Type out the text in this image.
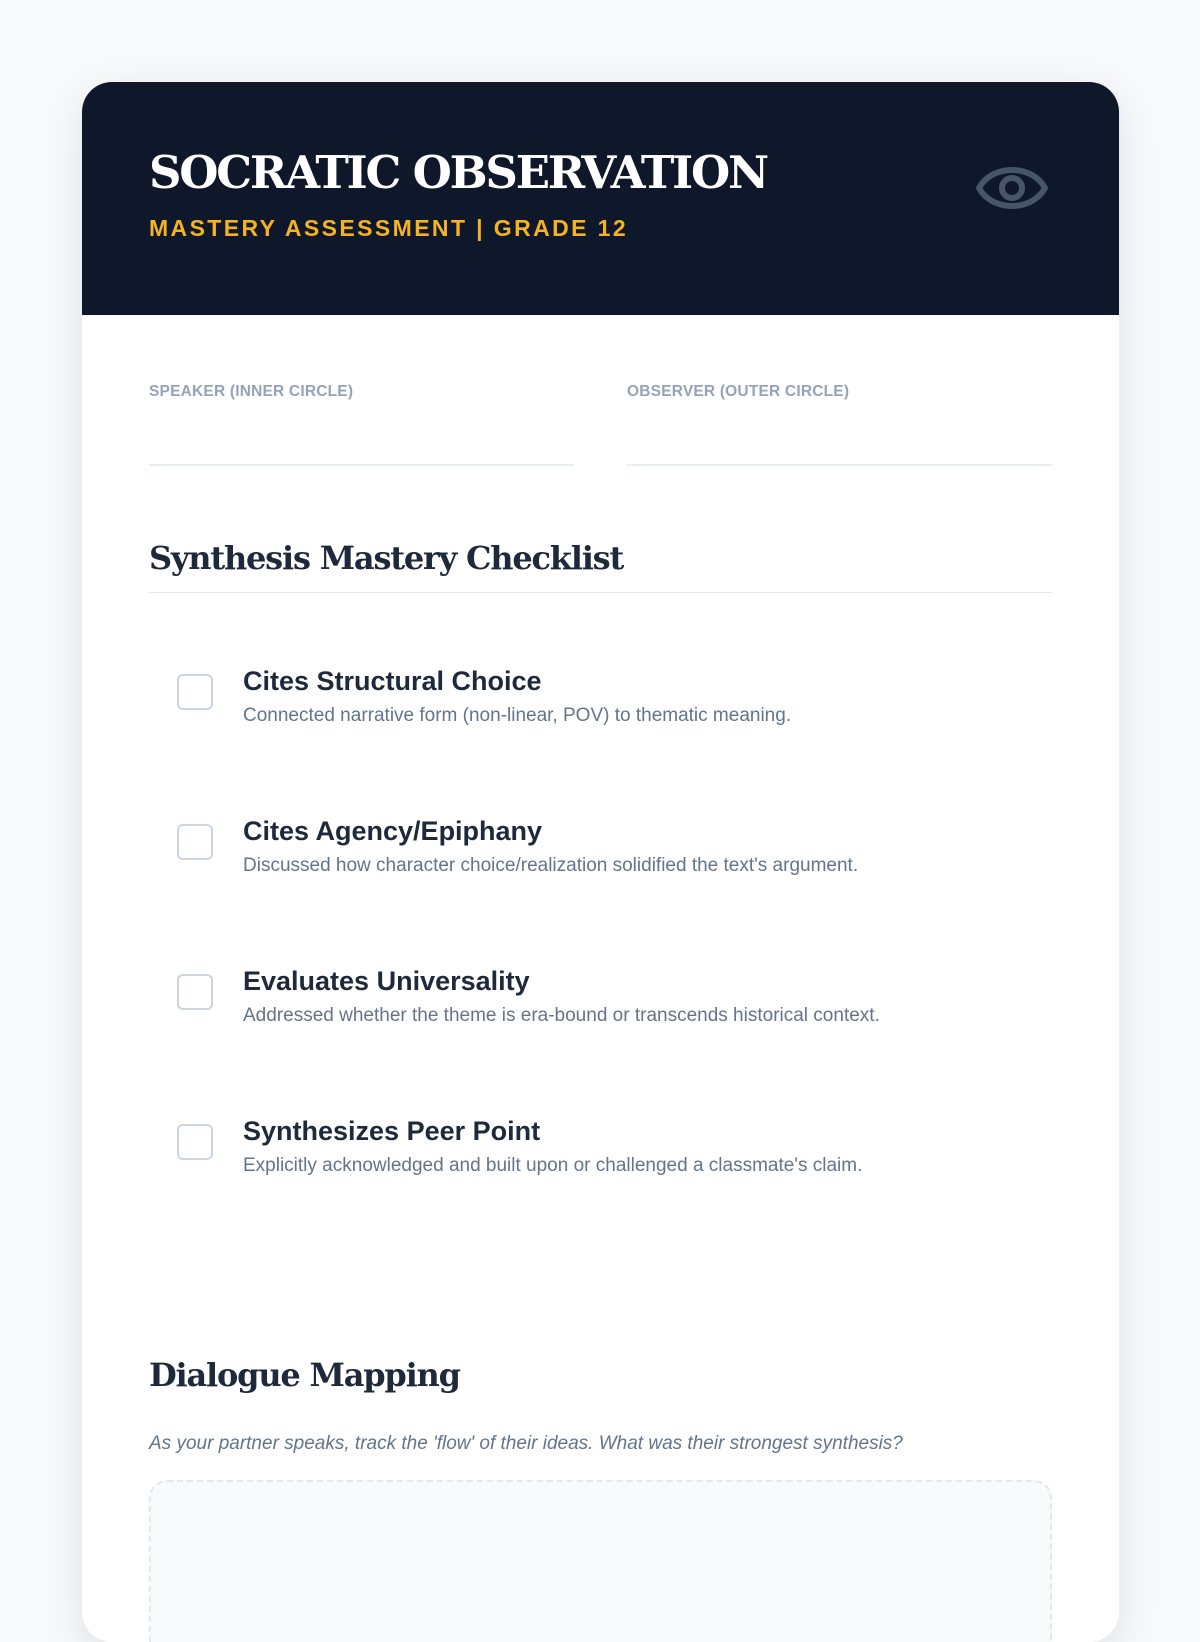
SOCRATIC OBSERVATION
MASTERY ASSESSMENT | GRADE 12
SPEAKER (INNER CIRCLE)	OBSERVER (OUTER CIRCLE)
Synthesis Mastery Checklist
Cites Structural Choice
Connected narrative form (non-linear, POV) to thematic meaning.
Cites Agency/Epiphany
Discussed how character choice/realization solidified the text's argument.
Evaluates Universality
Addressed whether the theme is era-bound or transcends historical context.
Synthesizes Peer Point
Explicitly acknowledged and built upon or challenged a classmate's claim.
Dialogue Mapping
As your partner speaks, track the 'flow' of their ideas. What was their strongest synthesis?
